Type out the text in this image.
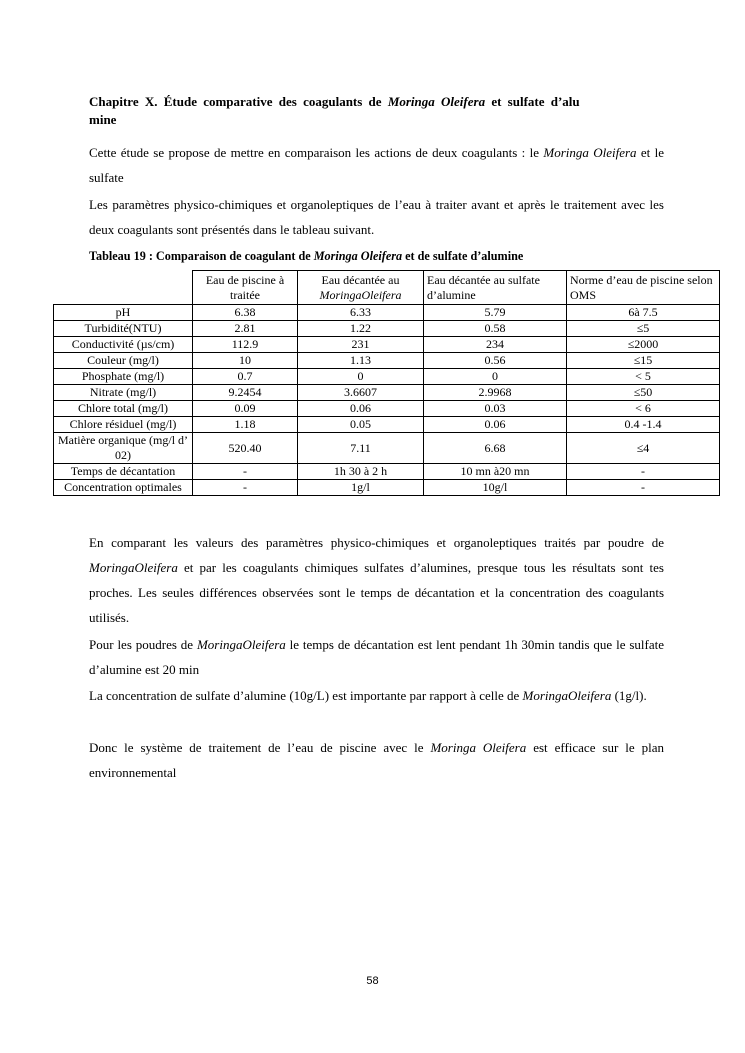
Chapitre X. Étude comparative des coagulants de Moringa Oleifera et sulfate d’alu
mine

Cette étude se propose de mettre en comparaison les actions de deux coagulants : le Moringa Oleifera et le sulfate

Les paramètres physico-chimiques et organoleptiques de l’eau à traiter avant et après le traitement avec les deux coagulants sont présentés dans le tableau suivant.

Tableau 19 : Comparaison de coagulant de Moringa Oleifera et de sulfate d’alumine
	Eau de piscine à traitée	Eau décantée au
MoringaOleifera	Eau décantée au sulfate d’alumine	Norme d’eau de piscine selon OMS
pH	6.38	6.33	5.79	6à 7.5
Turbidité(NTU)	2.81	1.22	0.58	≤5
Conductivité (µs/cm)	112.9	231	234	≤2000
Couleur (mg/l)	10	1.13	0.56	≤15
Phosphate (mg/l)	0.7	0	0	< 5
Nitrate (mg/l)	9.2454	3.6607	2.9968	≤50
Chlore total (mg/l)	0.09	0.06	0.03	< 6
Chlore résiduel (mg/l)	1.18	0.05	0.06	0.4 -1.4
Matière organique (mg/l d’ 02)	520.40	7.11	6.68	≤4
Temps de décantation	-	1h 30 à 2 h	10 mn à20 mn	-
Concentration optimales	-	1g/l	10g/l	-

En comparant les valeurs des paramètres physico-chimiques et organoleptiques traités par poudre de MoringaOleifera et par les coagulants chimiques sulfates d’alumines, presque tous les résultats sont tes proches. Les seules différences observées sont le temps de décantation et la concentration des coagulants utilisés.

Pour les poudres de MoringaOleifera le temps de décantation est lent pendant 1h 30min tandis que le sulfate d’alumine est 20 min

La concentration de sulfate d’alumine (10g/L) est importante par rapport à celle de MoringaOleifera (1g/l).

Donc le système de traitement de l’eau de piscine avec le Moringa Oleifera est efficace sur le plan environnemental

58
